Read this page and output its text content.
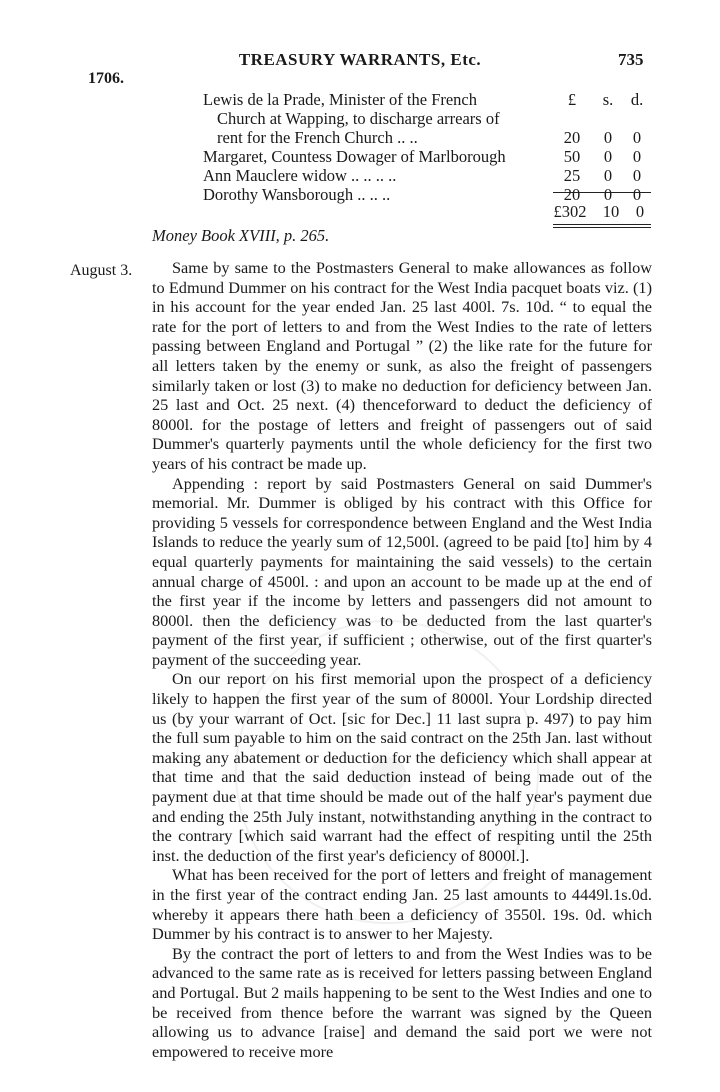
TREASURY WARRANTS, Etc.	735
1706.
Lewis de la Prade, Minister of the French	£	s.	d.
Church at Wapping, to discharge arrears of
rent for the French Church .. ..	20	0	0
Margaret, Countess Dowager of Marlborough	50	0	0
Ann Mauclere widow .. .. .. ..	25	0	0
Dorothy Wansborough .. .. ..	20	0	0
£302 10	0
Money Book XVIII, p. 265.
August 3.
●

Same by same to the Postmasters General to make allowances as follow to Edmund Dummer on his contract for the West India pacquet boats viz. (1) in his account for the year ended Jan. 25 last 400l. 7s. 10d. “ to equal the rate for the port of letters to and from the West Indies to the rate of letters passing between England and Portugal ” (2) the like rate for the future for all letters taken by the enemy or sunk, as also the freight of passengers similarly taken or lost (3) to make no deduction for deficiency between Jan. 25 last and Oct. 25 next. (4) thenceforward to deduct the deficiency of 8000l. for the postage of letters and freight of passengers out of said Dummer's quarterly payments until the whole deficiency for the first two years of his contract be made up.

Appending : report by said Postmasters General on said Dummer's memorial. Mr. Dummer is obliged by his contract with this Office for providing 5 vessels for correspondence between England and the West India Islands to reduce the yearly sum of 12,500l. (agreed to be paid [to] him by 4 equal quarterly payments for maintaining the said vessels) to the certain annual charge of 4500l. : and upon an account to be made up at the end of the first year if the income by letters and passengers did not amount to 8000l. then the deficiency was to be deducted from the last quarter's payment of the first year, if sufficient ; otherwise, out of the first quarter's payment of the succeeding year.

On our report on his first memorial upon the prospect of a deficiency likely to happen the first year of the sum of 8000l. Your Lordship directed us (by your warrant of Oct. [sic for Dec.] 11 last supra p. 497) to pay him the full sum payable to him on the said contract on the 25th Jan. last without making any abatement or deduction for the deficiency which shall appear at that time and that the said deduction instead of being made out of the payment due at that time should be made out of the half year's payment due and ending the 25th July instant, notwithstanding anything in the contract to the contrary [which said warrant had the effect of respiting until the 25th inst. the deduction of the first year's deficiency of 8000l.].

What has been received for the port of letters and freight of management in the first year of the contract ending Jan. 25 last amounts to 4449l.1s.0d. whereby it appears there hath been a deficiency of 3550l. 19s. 0d. which Dummer by his contract is to answer to her Majesty.

By the contract the port of letters to and from the West Indies was to be advanced to the same rate as is received for letters passing between England and Portugal. But 2 mails happening to be sent to the West Indies and one to be received from thence before the warrant was signed by the Queen allowing us to advance [raise] and demand the said port we were not empowered to receive more
